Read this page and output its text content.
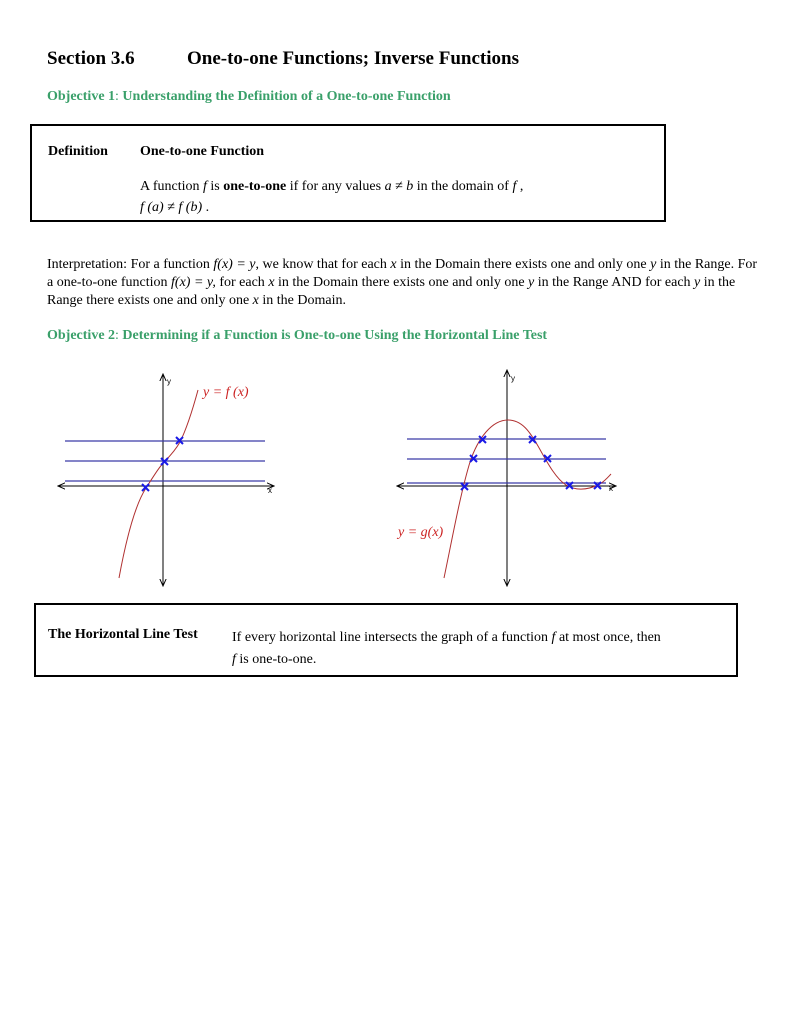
Section 3.6	One-to-one Functions; Inverse Functions
Objective 1: Understanding the Definition of a One-to-one Function
Definition One-to-one Function
A function f is one-to-one if for any values a ≠ b in the domain of f ,
f (a) ≠ f (b) .
Interpretation: For a function f(x) = y, we know that for each x in the Domain there exists one and only one y in the Range. For a one-to-one function f(x) = y, for each x in the Domain there exists one and only one y in the Range AND for each y in the Range there exists one and only one x in the Domain.
Objective 2: Determining if a Function is One-to-one Using the Horizontal Line Test
y
x
y = f (x)
y
x
y = g(x)
The Horizontal Line Test If every horizontal line intersects the graph of a function f at most once, then
f is one-to-one.
